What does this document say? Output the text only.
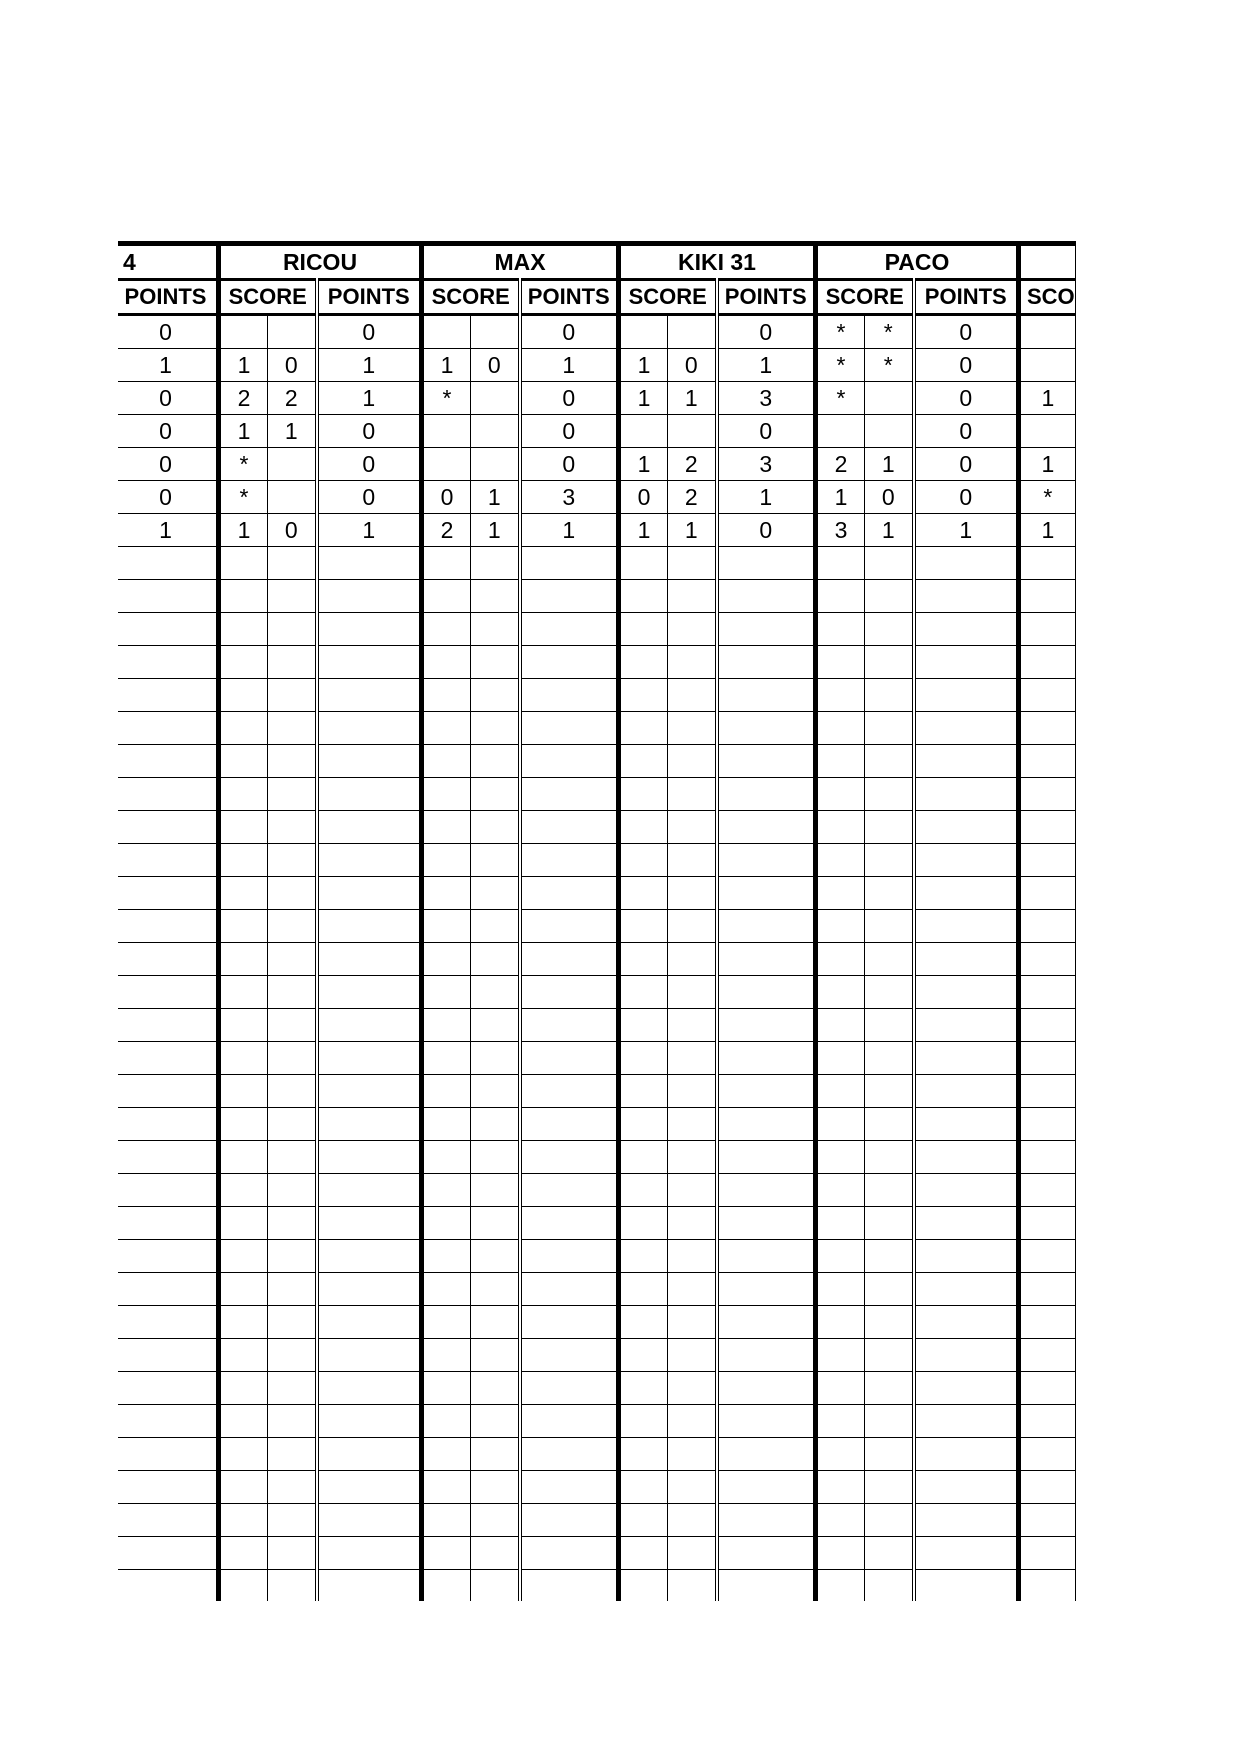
4	RICOU			MAX			KIKI 31			PACO			
POINTS	SCORE		POINTS	SCORE		POINTS	SCORE		POINTS	SCORE		POINTS	SCO
0			0			0			0	*	*	0	
1	1	0	1	1	0	1	1	0	1	*	*	0	
0	2	2	1	*		0	1	1	3	*		0	1
0	1	1	0			0			0			0	
0	*		0			0	1	2	3	2	1	0	1
0	*		0	0	1	3	0	2	1	1	0	0	*
1	1	0	1	2	1	1	1	1	0	3	1	1	1
